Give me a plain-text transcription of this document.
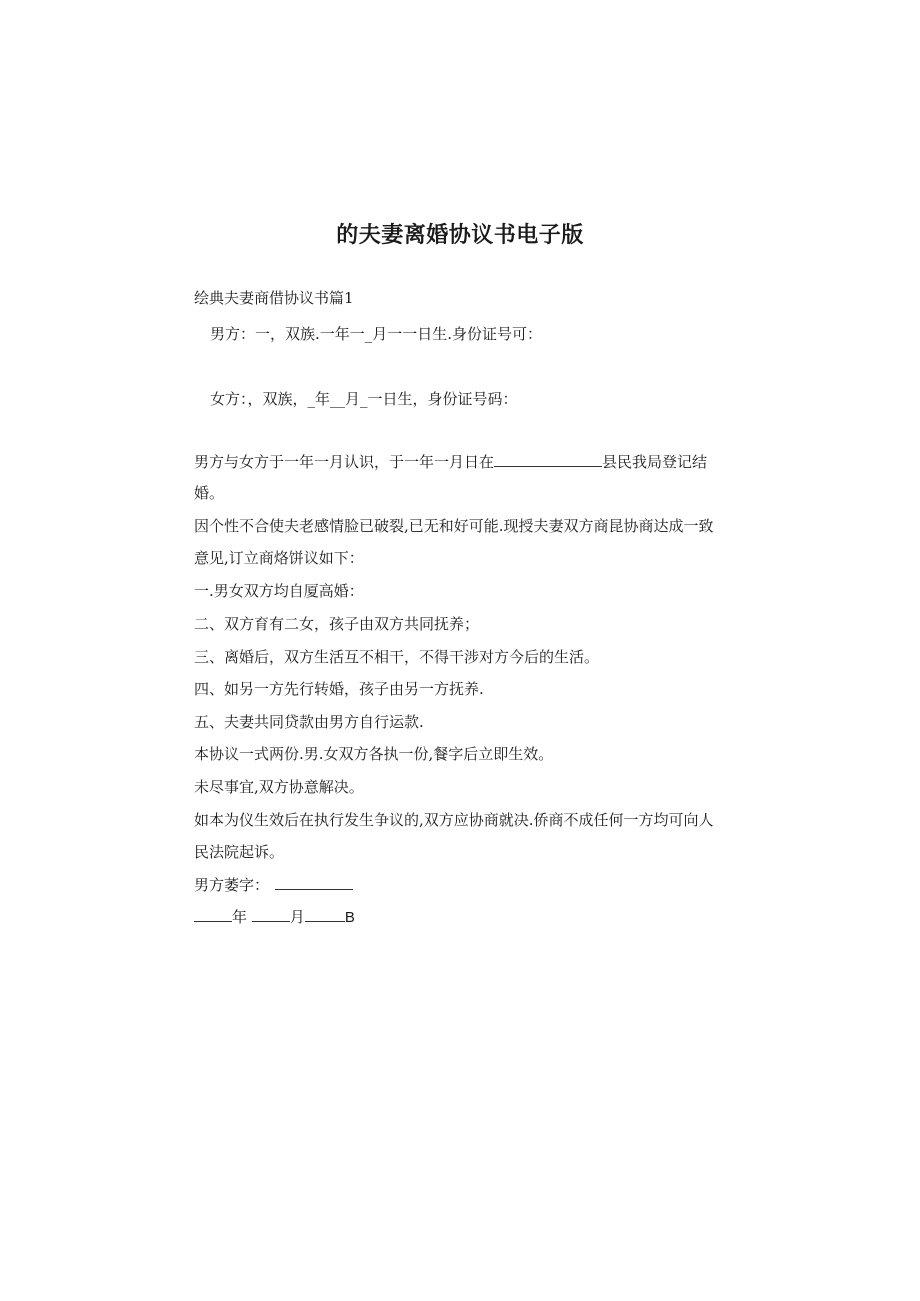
的夫妻离婚协议书电子版
绘典夫妻商借协议书篇1
男方：一，双族.一年一_月一一日生.身份证号可：
女方：，双族，_年__月_一日生，身份证号码：
男方与女方于一年一月认识，于一年一月日在	县民我局登记结
婚。
因个性不合使夫老感情脸已破裂,已无和好可能.现授夫妻双方商昆协商达成一致
意见,订立商烙饼议如下：
一.男女双方均自厦高婚：
二、双方育有二女，孩子由双方共同抚养；
三、离婚后，双方生活互不相干，不得干涉对方今后的生活。
四、如另一方先行转婚，孩子由另一方抚养.
五、夫妻共同贷款由男方自行运款.
本协议一式两份.男.女双方各执一份,餐字后立即生效。
未尽事宜,双方协意解决。
如本为仪生效后在执行发生争议的,双方应协商就决.侨商不成任何一方均可向人
民法院起诉。
男方萎字：
年	月	B
